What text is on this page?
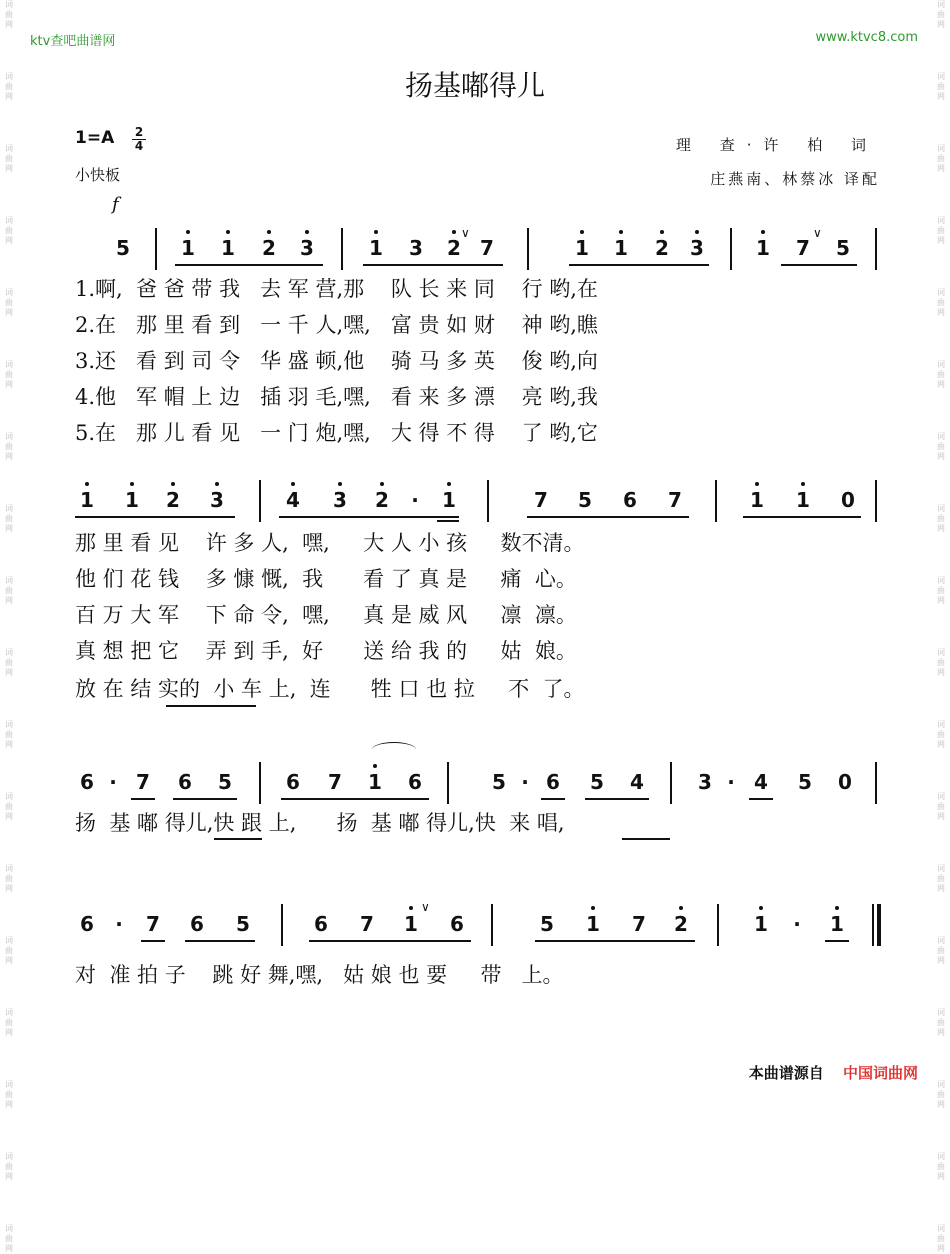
词
曲
网
词
曲
网
词
曲
网
词
曲
网
词
曲
网
词
曲
网
词
曲
网
词
曲
网
词
曲
网
词
曲
网
词
曲
网
词
曲
网
词
曲
网
词
曲
网
词
曲
网
词
曲
网
词
曲
网
词
曲
网
词
曲
网
词
曲
网
词
曲
网
词
曲
网
词
曲
网
词
曲
网
词
曲
网
词
曲
网
词
曲
网
词
曲
网
词
曲
网
词
曲
网
词
曲
网
词
曲
网
词
曲
网
词
曲
网
词
曲
网
词
曲
网
ktv查吧曲谱网	www.ktvc8.com
扬基嘟得儿
$1=A \frac{2}{4}$
小快板
f
理 查·许 柏 词
庄燕南、林蔡冰 译配
5	1 1 2 3	1 3 2
∨
7	1 1 2 3	1 7
∨
5
1.啊,  爸 爸 带 我   去 军 营,那    队 长 来 同    行 哟,在
2.在   那 里 看 到   一 千 人,嘿,   富 贵 如 财    神 哟,瞧
3.还   看 到 司 令   华 盛 顿,他    骑 马 多 英    俊 哟,向
4.他   军 帽 上 边   插 羽 毛,嘿,   看 来 多 漂    亮 哟,我
5.在   那 儿 看 见   一 门 炮,嘿,   大 得 不 得    了 哟,它
1 1 2 3	4 3 2	·	1	7 5 6 7	1 1 0
那 里 看 见    许 多 人,  嘿,     大 人 小 孩     数不清。
他 们 花 钱    多 慷 慨,  我      看 了 真 是     痛  心。
百 万 大 军    下 命 令,  嘿,     真 是 威 风     凛  凛。
真 想 把 它    弄 到 手,  好      送 给 我 的     姑  娘。
放 在 结 实的  小 车 上,  连      牲 口 也 拉     不  了。
6 · 7 6 5	6 7 1 6	5 · 6 5 4	3 · 4 5 0
扬  基 嘟 得儿,快 跟 上,      扬  基 嘟 得儿,快  来 唱,
6	·	7 6 5	6 7 1
∨
6	5 1 7 2	1	·	1
对  准 拍 子    跳 好 舞,嘿,   姑 娘 也 要     带   上。
本曲谱源自 中国词曲网
